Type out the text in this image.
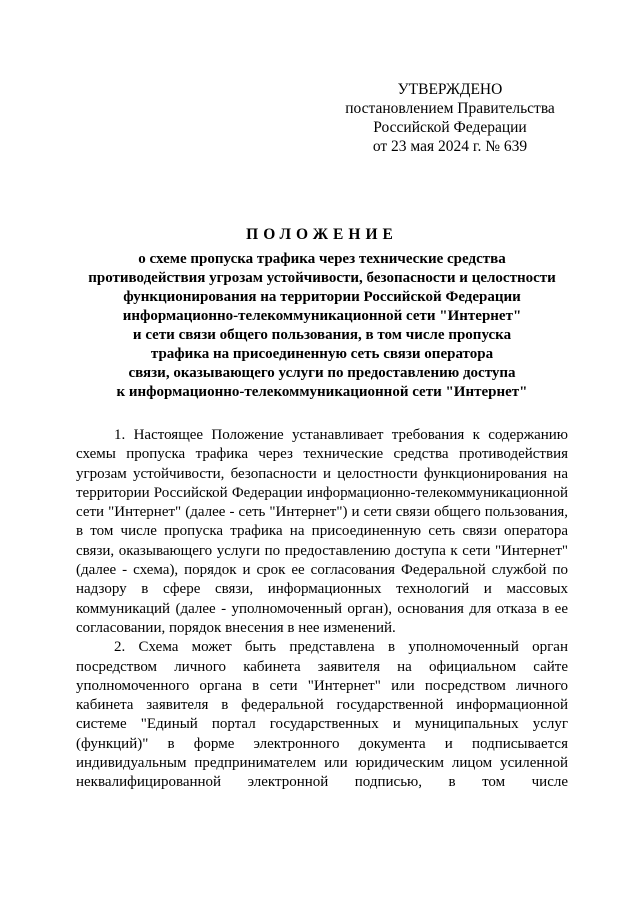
УТВЕРЖДЕНО
постановлением Правительства
Российской Федерации
от 23 мая 2024 г. № 639
ПОЛОЖЕНИЕ
о схеме пропуска трафика через технические средства
противодействия угрозам устойчивости, безопасности и целостности
функционирования на территории Российской Федерации
информационно-телекоммуникационной сети "Интернет"
и сети связи общего пользования, в том числе пропуска
трафика на присоединенную сеть связи оператора
связи, оказывающего услуги по предоставлению доступа
к информационно-телекоммуникационной сети "Интернет"

1. Настоящее Положение устанавливает требования к содержанию схемы пропуска трафика через технические средства противодействия угрозам устойчивости, безопасности и целостности функционирования на территории Российской Федерации информационно-телекоммуникационной сети "Интернет" (далее - сеть "Интернет") и сети связи общего пользования, в том числе пропуска трафика на присоединенную сеть связи оператора связи, оказывающего услуги по предоставлению доступа к сети "Интернет" (далее - схема), порядок и срок ее согласования Федеральной службой по надзору в сфере связи, информационных технологий и массовых коммуникаций (далее - уполномоченный орган), основания для отказа в ее согласовании, порядок внесения в нее изменений.

2. Схема может быть представлена в уполномоченный орган посредством личного кабинета заявителя на официальном сайте уполномоченного органа в сети "Интернет" или посредством личного кабинета заявителя в федеральной государственной информационной системе "Единый портал государственных и муниципальных услуг (функций)" в форме электронного документа и подписывается индивидуальным предпринимателем или юридическим лицом усиленной неквалифицированной электронной подписью, в том числе
